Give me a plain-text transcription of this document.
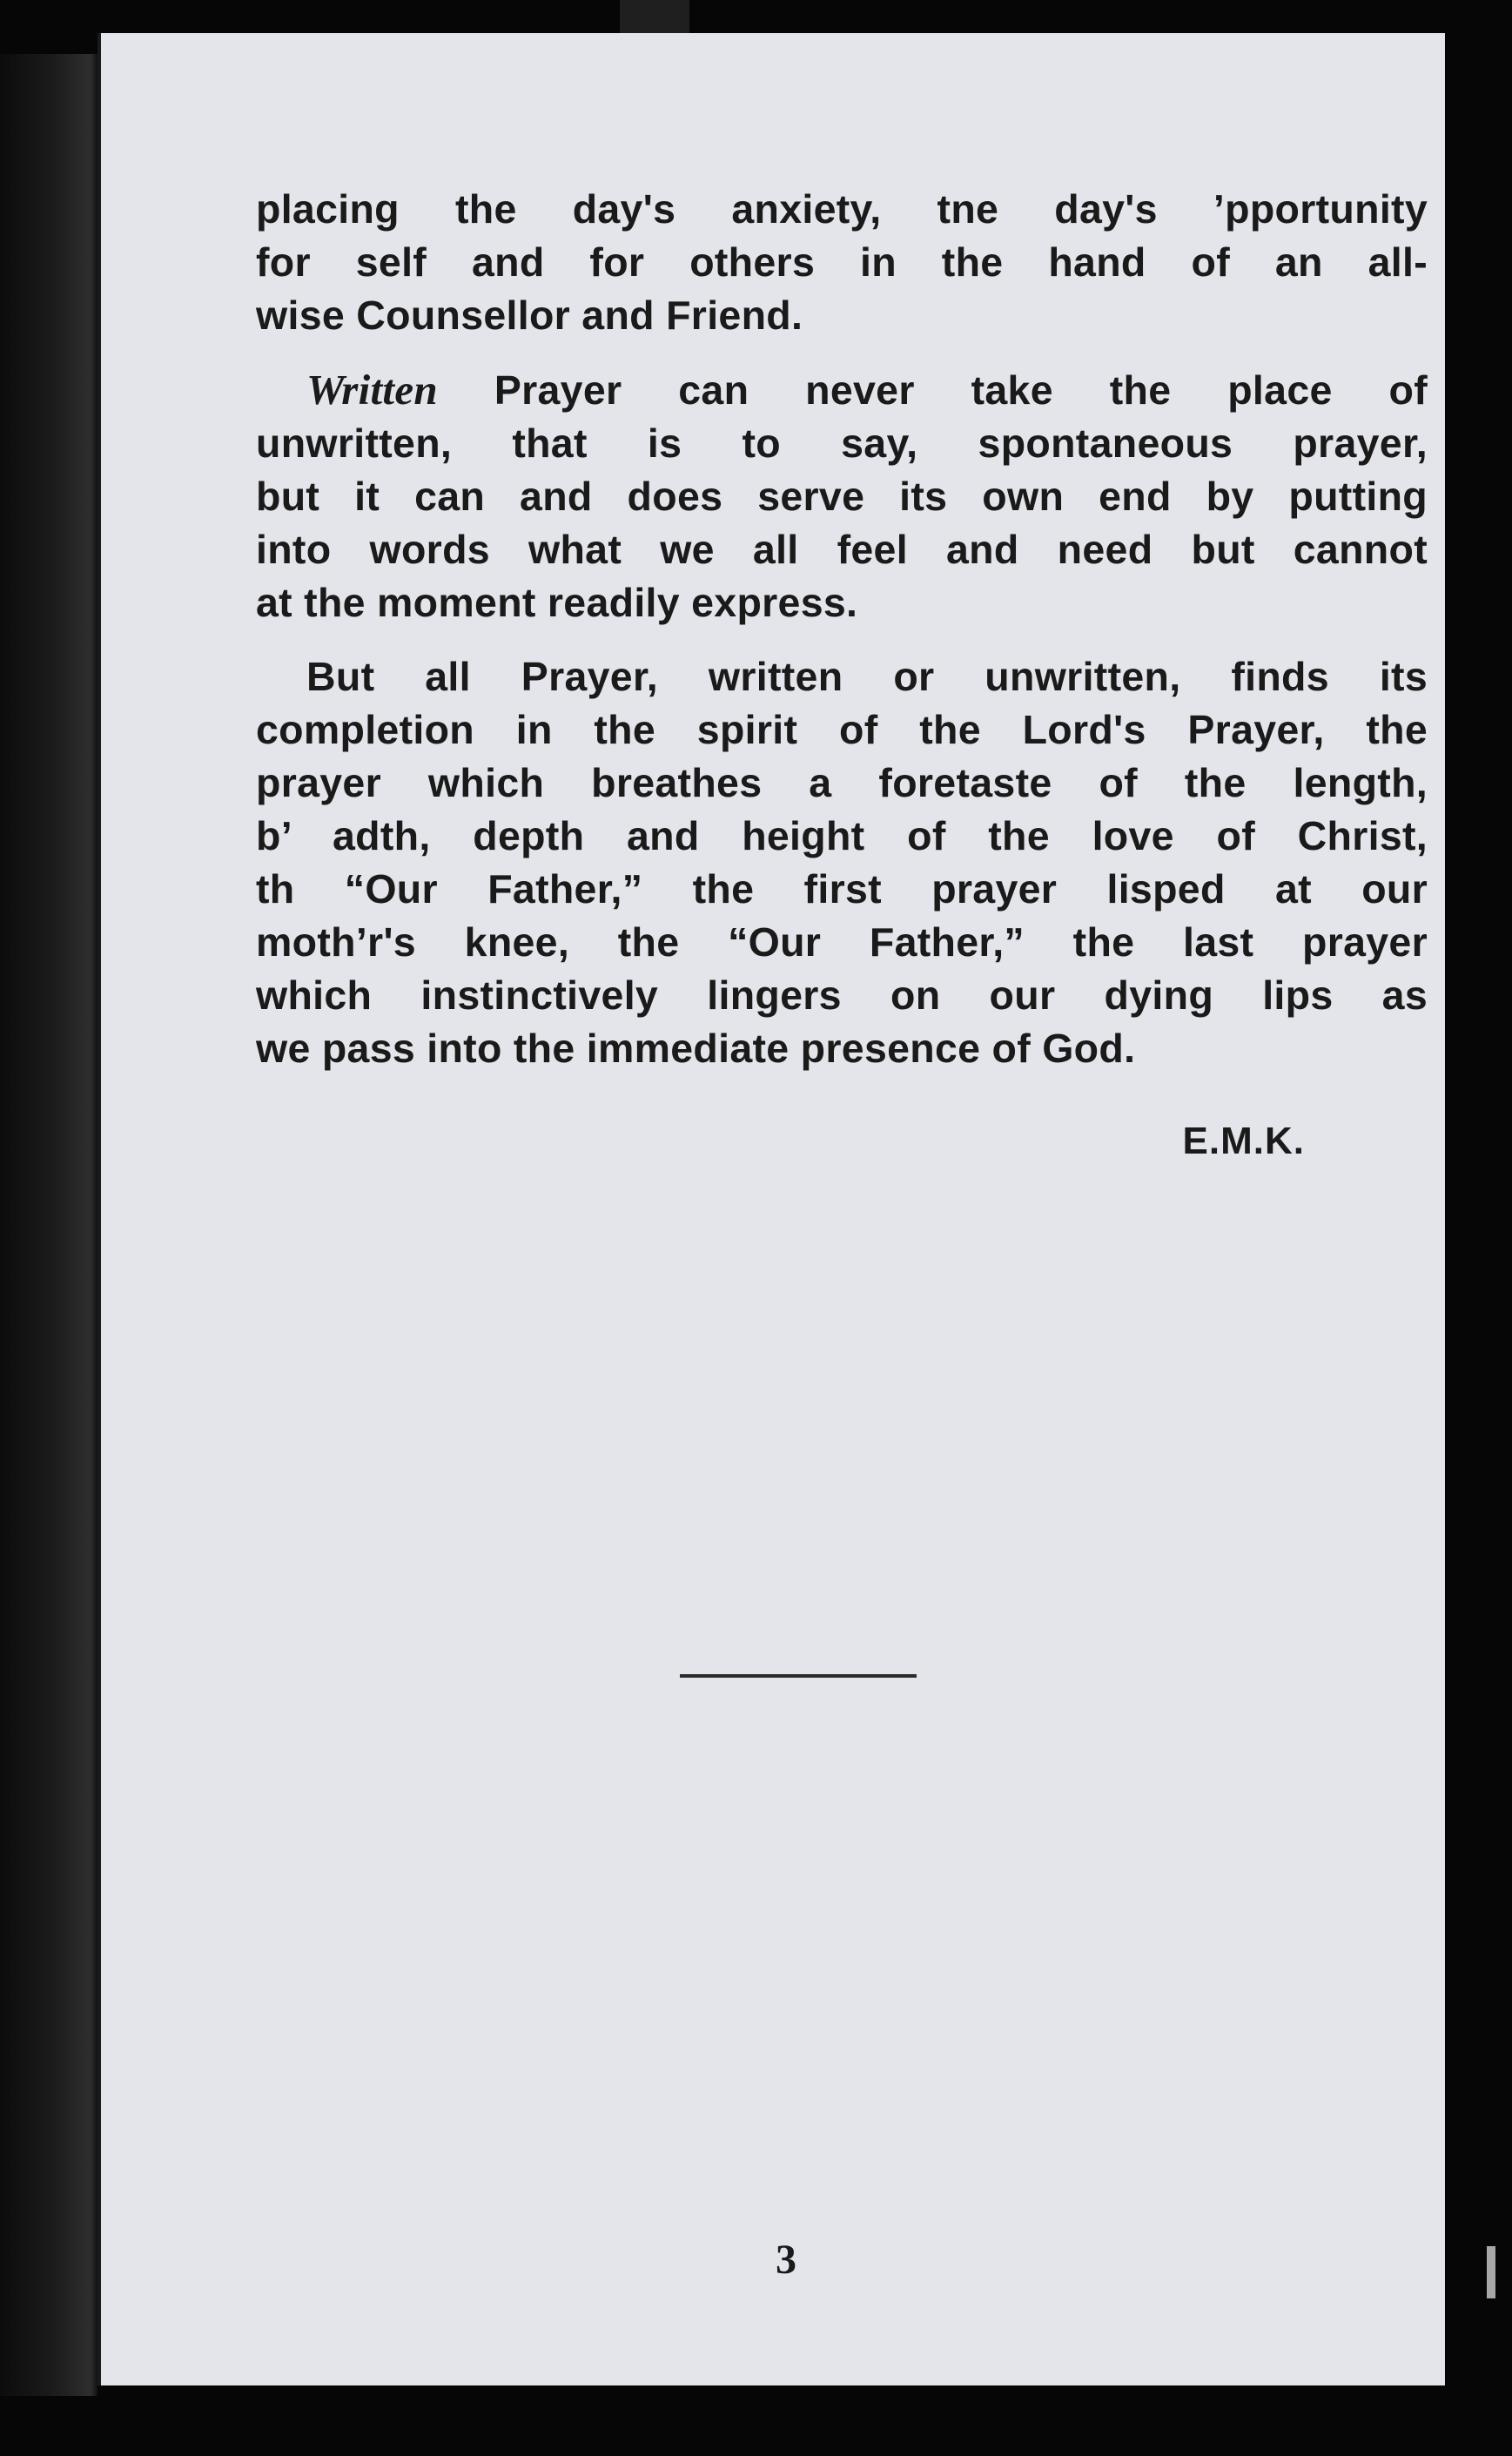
placing the day's anxiety, tne day's ’pportunity
for self and for others in the hand of an all-
wise Counsellor and Friend.

Written Prayer can never take the place of
unwritten, that is to say, spontaneous prayer,
but it can and does serve its own end by putting
into words what we all feel and need but cannot
at the moment readily express.

But all Prayer, written or unwritten, finds its
completion in the spirit of the Lord's Prayer, the
prayer which breathes a foretaste of the length,
b’ adth, depth and height of the love of Christ,
th “Our Father,” the first prayer lisped at our
moth’r's knee, the “Our Father,” the last prayer
which instinctively lingers on our dying lips as
we pass into the immediate presence of God.

E.M.K.
3
